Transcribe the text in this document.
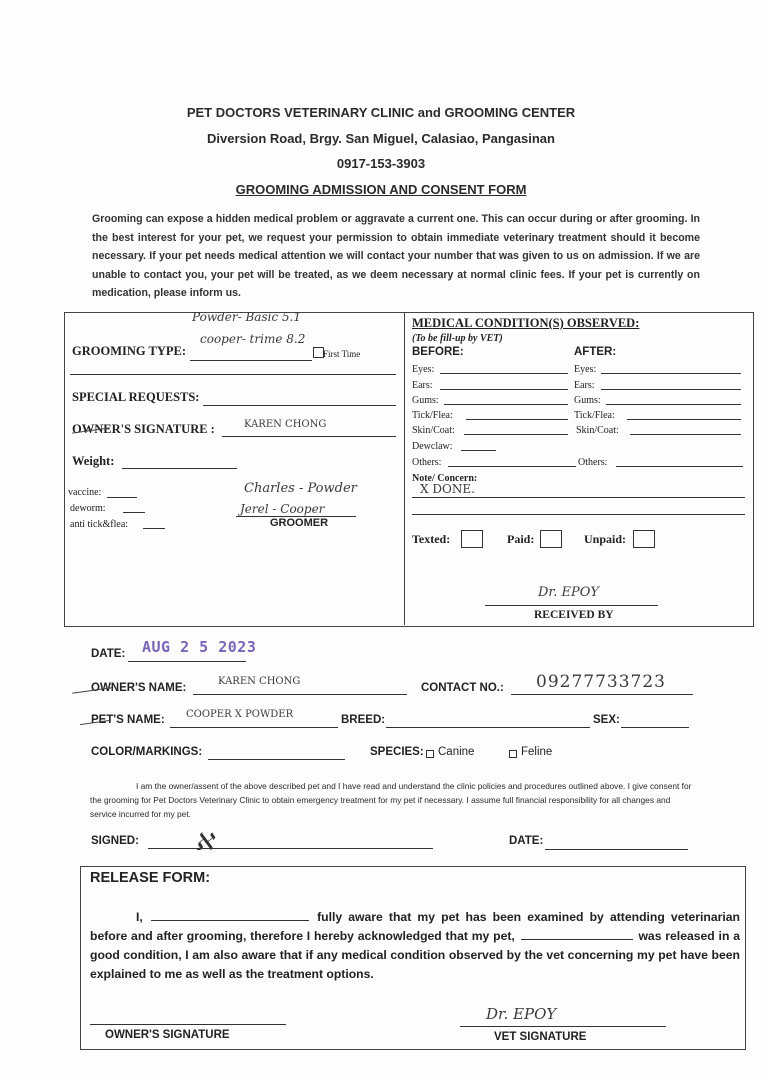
PET DOCTORS VETERINARY CLINIC and GROOMING CENTER
Diversion Road, Brgy. San Miguel, Calasiao, Pangasinan
0917-153-3903
GROOMING ADMISSION AND CONSENT FORM
Grooming can expose a hidden medical problem or aggravate a current one. This can occur during or after grooming. In the best interest for your pet, we request your permission to obtain immediate veterinary treatment should it become necessary. If your pet needs medical attention we will contact your number that was given to us on admission. If we are unable to contact you, your pet will be treated, as we deem necessary at normal clinic fees. If your pet is currently on medication, please inform us.
Powder- Basic 5.1
cooper- trime 8.2
GROOMING TYPE:	First Time
SPECIAL REQUESTS:
OWNER'S SIGNATURE :	KAREN CHONG
Weight:
vaccine:
deworm:
anti tick&flea:
Charles - Powder
Jerel - Cooper
GROOMER
MEDICAL CONDITION(S) OBSERVED:
(To be fill-up by VET)
BEFORE:	AFTER:
Eyes:	Eyes:
Ears:	Ears:
Gums:	Gums:
Tick/Flea:	Tick/Flea:
Skin/Coat:	Skin/Coat:
Dewclaw:
Others:	Others:
Note/ Concern:
X DONE.
Texted:	Paid:	Unpaid:
Dr. EPOY
RECEIVED BY
DATE: AUG 2 5 2023
OWNER'S NAME:
KAREN CHONG
CONTACT NO.: 09277733723
PET'S NAME: COOPER X POWDER	BREED:	SEX:
COLOR/MARKINGS:	SPECIES: Canine	Feline
I am the owner/assent of the above described pet and I have read and understand the clinic policies and procedures outlined above. I give consent for the grooming for Pet Doctors Veterinary Clinic to obtain emergency treatment for my pet if necessary. I assume full financial responsibility for all changes and service incurred for my pet.
SIGNED: ℵ	DATE:
RELEASE FORM:
I,	fully aware that my pet has been examined by attending veterinarian before and after grooming, therefore I hereby acknowledged that my pet,	was released in a good condition, I am also aware that if any medical condition observed by the vet concerning my pet have been explained to me as well as the treatment options.
OWNER'S SIGNATURE
Dr. EPOY
VET SIGNATURE
